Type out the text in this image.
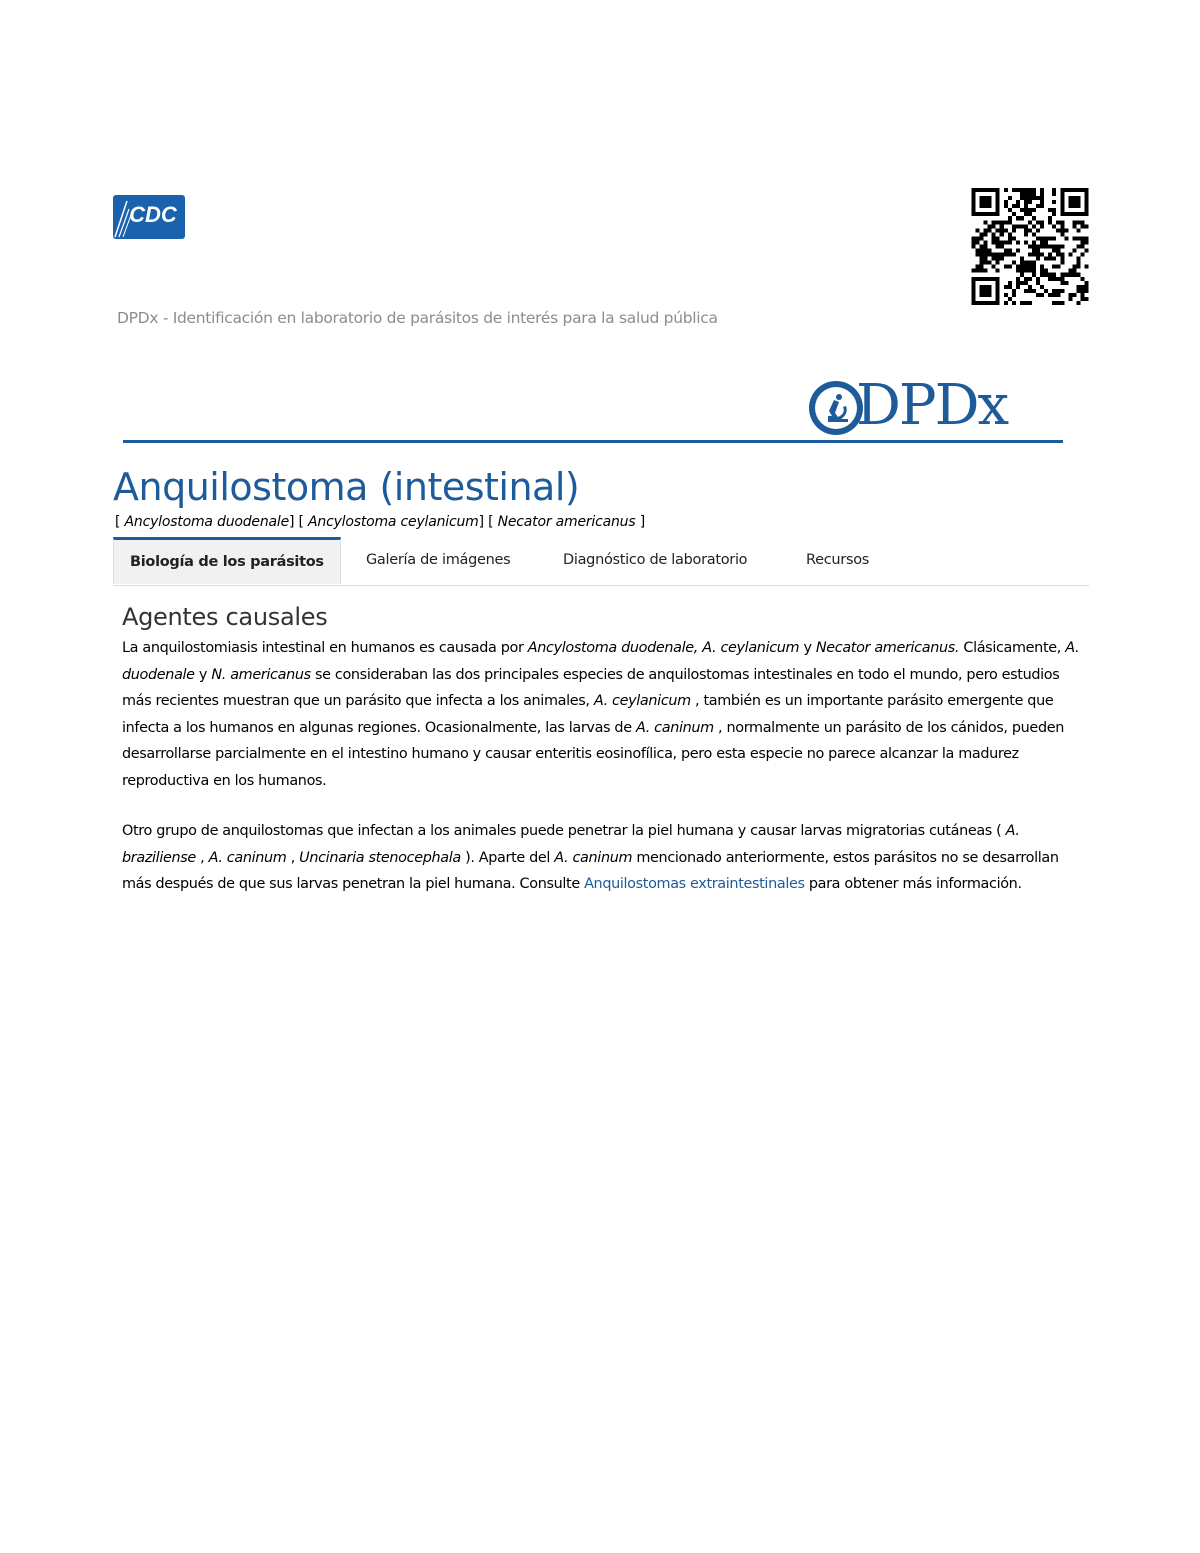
CDC
DPDx - Identificación en laboratorio de parásitos de interés para la salud pública
DPDx
Anquilostoma (intestinal)
[ Ancylostoma duodenale] [ Ancylostoma ceylanicum] [ Necator americanus ]
Biología de los parásitos	Galería de imágenes	Diagnóstico de laboratorio	Recursos
Agentes causales

La anquilostomiasis intestinal en humanos es causada por Ancylostoma duodenale, A. ceylanicum y Necator americanus. Clásicamente, A. duodenale y N. americanus se consideraban las dos principales especies de anquilostomas intestinales en todo el mundo, pero estudios más recientes muestran que un parásito que infecta a los animales, A. ceylanicum , también es un importante parásito emergente que infecta a los humanos en algunas regiones. Ocasionalmente, las larvas de A. caninum , normalmente un parásito de los cánidos, pueden desarrollarse parcialmente en el intestino humano y causar enteritis eosinofílica, pero esta especie no parece alcanzar la madurez reproductiva en los humanos.

Otro grupo de anquilostomas que infectan a los animales puede penetrar la piel humana y causar larvas migratorias cutáneas ( A. braziliense , A. caninum , Uncinaria stenocephala ). Aparte del A. caninum mencionado anteriormente, estos parásitos no se desarrollan más después de que sus larvas penetran la piel humana. Consulte Anquilostomas extraintestinales para obtener más información.
